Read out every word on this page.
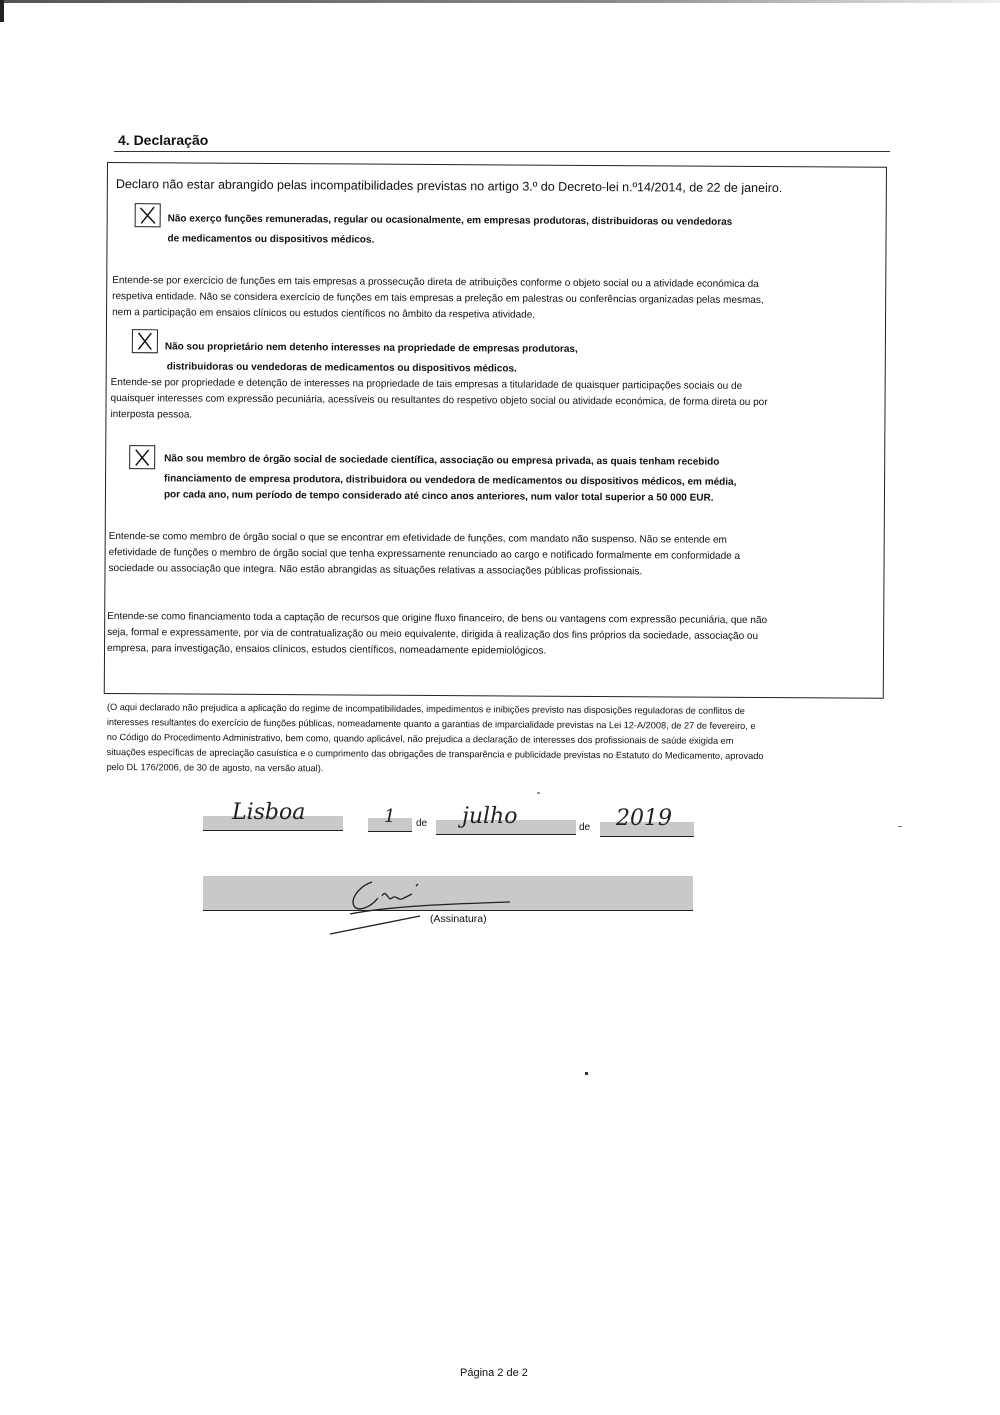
4. Declaração
Declaro não estar abrangido pelas incompatibilidades previstas no artigo 3.º do Decreto-lei n.º14/2014, de 22 de janeiro.
Não exerço funções remuneradas, regular ou ocasionalmente, em empresas produtoras, distribuidoras ou vendedoras
de medicamentos ou dispositivos médicos.
Entende-se por exercício de funções em tais empresas a prossecução direta de atribuições conforme o objeto social ou a atividade económica da
respetiva entidade. Não se considera exercício de funções em tais empresas a preleção em palestras ou conferências organizadas pelas mesmas,
nem a participação em ensaios clínicos ou estudos científicos no âmbito da respetiva atividade.
Não sou proprietário nem detenho interesses na propriedade de empresas produtoras,
distribuidoras ou vendedoras de medicamentos ou dispositivos médicos.
Entende-se por propriedade e detenção de interesses na propriedade de tais empresas a titularidade de quaisquer participações sociais ou de
quaisquer interesses com expressão pecuniária, acessíveis ou resultantes do respetivo objeto social ou atividade económica, de forma direta ou por
interposta pessoa.
Não sou membro de órgão social de sociedade científica, associação ou empresa privada, as quais tenham recebido
financiamento de empresa produtora, distribuidora ou vendedora de medicamentos ou dispositivos médicos, em média,
por cada ano, num período de tempo considerado até cinco anos anteriores, num valor total superior a 50 000 EUR.
Entende-se como membro de órgão social o que se encontrar em efetividade de funções, com mandato não suspenso. Não se entende em
efetividade de funções o membro de órgão social que tenha expressamente renunciado ao cargo e notificado formalmente em conformidade a
sociedade ou associação que integra. Não estão abrangidas as situações relativas a associações públicas profissionais.
Entende-se como financiamento toda a captação de recursos que origine fluxo financeiro, de bens ou vantagens com expressão pecuniária, que não
seja, formal e expressamente, por via de contratualização ou meio equivalente, dirigida à realização dos fins próprios da sociedade, associação ou
empresa, para investigação, ensaios clínicos, estudos científicos, nomeadamente epidemiológicos.
(O aqui declarado não prejudica a aplicação do regime de incompatibilidades, impedimentos e inibições previsto nas disposições reguladoras de conflitos de
interesses resultantes do exercício de funções públicas, nomeadamente quanto a garantias de imparcialidade previstas na Lei 12-A/2008, de 27 de fevereiro, e
no Código do Procedimento Administrativo, bem como, quando aplicável, não prejudica a declaração de interesses dos profissionais de saúde exigida em
situações específicas de apreciação casuística e o cumprimento das obrigações de transparência e publicidade previstas no Estatuto do Medicamento, aprovado
pelo DL 176/2006, de 30 de agosto, na versão atual).
Lisboa	1 de julho	de 2019
(Assinatura)
Página 2 de 2
